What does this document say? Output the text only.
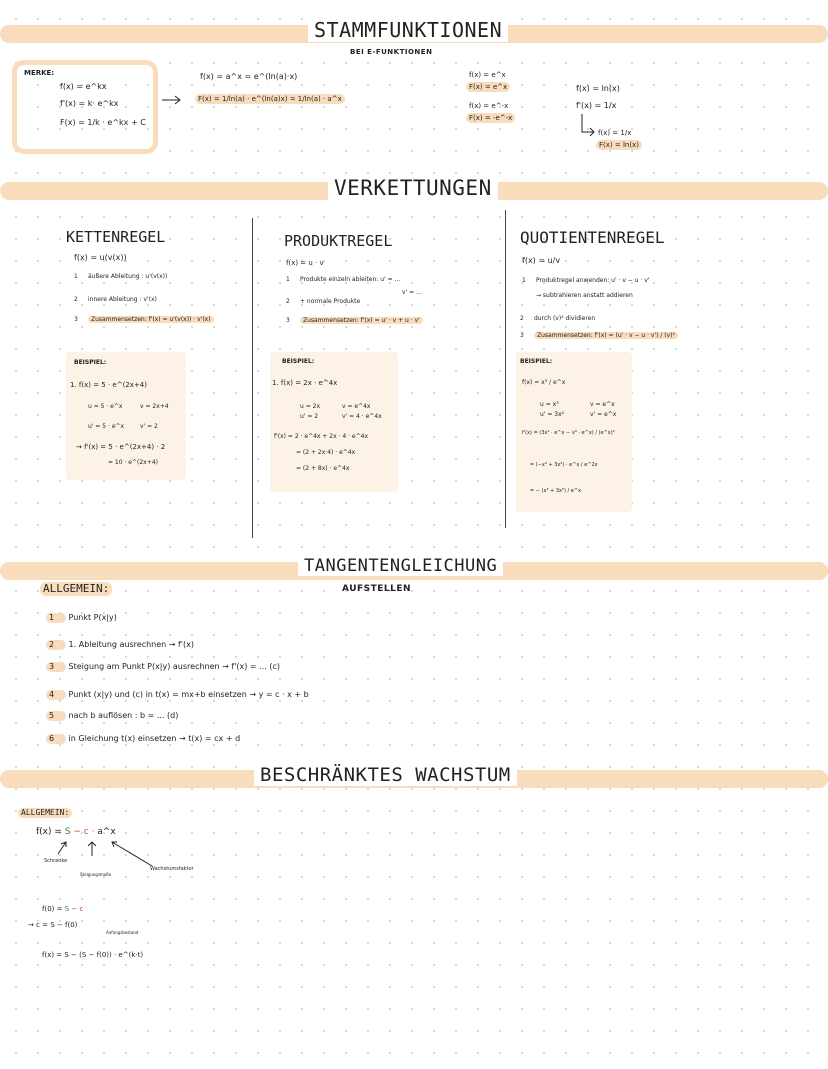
STAMMFUNKTIONEN
BEI E-FUNKTIONEN
MERKE:
f(x) = e^kx
f'(x) = k· e^kx
F(x) = 1/k · e^kx + C
f(x) = a^x = e^(ln(a)·x)
F(x) = 1/ln(a) · e^(ln(a)x) = 1/ln(a) · a^x
f(x) = e^x
F(x) = e^x
f(x) = e^-x
F(x) = -e^-x
f(x) = ln(x)
f'(x) = 1/x
f(x) = 1/x
F(x) = ln(x)
VERKETTUNGEN
KETTENREGEL
f(x) = u(v(x))
1 äußere Ableitung : u'(v(x))
2 innere Ableitung : v'(x)
3 Zusammensetzen: f'(x) = u'(v(x)) · v'(x)
BEISPIEL:
1. f(x) = 5 · e^(2x+4)
u = 5 · e^x	v = 2x+4
u' = 5 · e^x	v' = 2
→ f'(x) = 5 · e^(2x+4) · 2
= 10 · e^(2x+4)
PRODUKTREGEL
f(x) = u · v
1 Produkte einzeln ableiten: u' = ...
v' = ...
2 + normale Produkte
3 Zusammensetzen: f'(x) = u' · v + u · v'
BEISPIEL:
1. f(x) = 2x · e^4x
u = 2x	v = e^4x
u' = 2	v' = 4 · e^4x
f'(x) = 2 · e^4x + 2x · 4 · e^4x
= (2 + 2x·4) · e^4x
= (2 + 8x) · e^4x
QUOTIENTENREGEL
f(x) = u/v
1 Produktregel anwenden: u' · v − u · v'
→ subtrahieren anstatt addieren
2 durch (v)² dividieren
3 Zusammensetzen: f'(x) = (u' · v − u · v') / (v)²
BEISPIEL:
f(x) = x³ / e^x
u = x³	v = e^x
u' = 3x²	v' = e^x
f'(x) = (3x² · e^x − x³ · e^x) / (e^x)²
= (−x³ + 3x²) · e^x / e^2x
= − (x³ + 3x²) / e^x
TANGENTENGLEICHUNG
AUFSTELLEN
ALLGEMEIN:
1 Punkt P(x|y)
2 1. Ableitung ausrechnen → f'(x)
3 Steigung am Punkt P(x|y) ausrechnen → f'(x) = ... (c)
4 Punkt (x|y) und (c) in t(x) = mx+b einsetzen → y = c · x + b
5 nach b auflösen : b = ... (d)
6 in Gleichung t(x) einsetzen → t(x) = cx + d
BESCHRÄNKTES WACHSTUM
ALLGEMEIN:
f(x) = S − c · a^x
Schranke
Steigungsmaße
Wachstumsfaktor
f(0) = S − c
→ c = S − f(0)
Anfangsbestand
f(x) = S − (S − f(0)) · e^(k·t)
